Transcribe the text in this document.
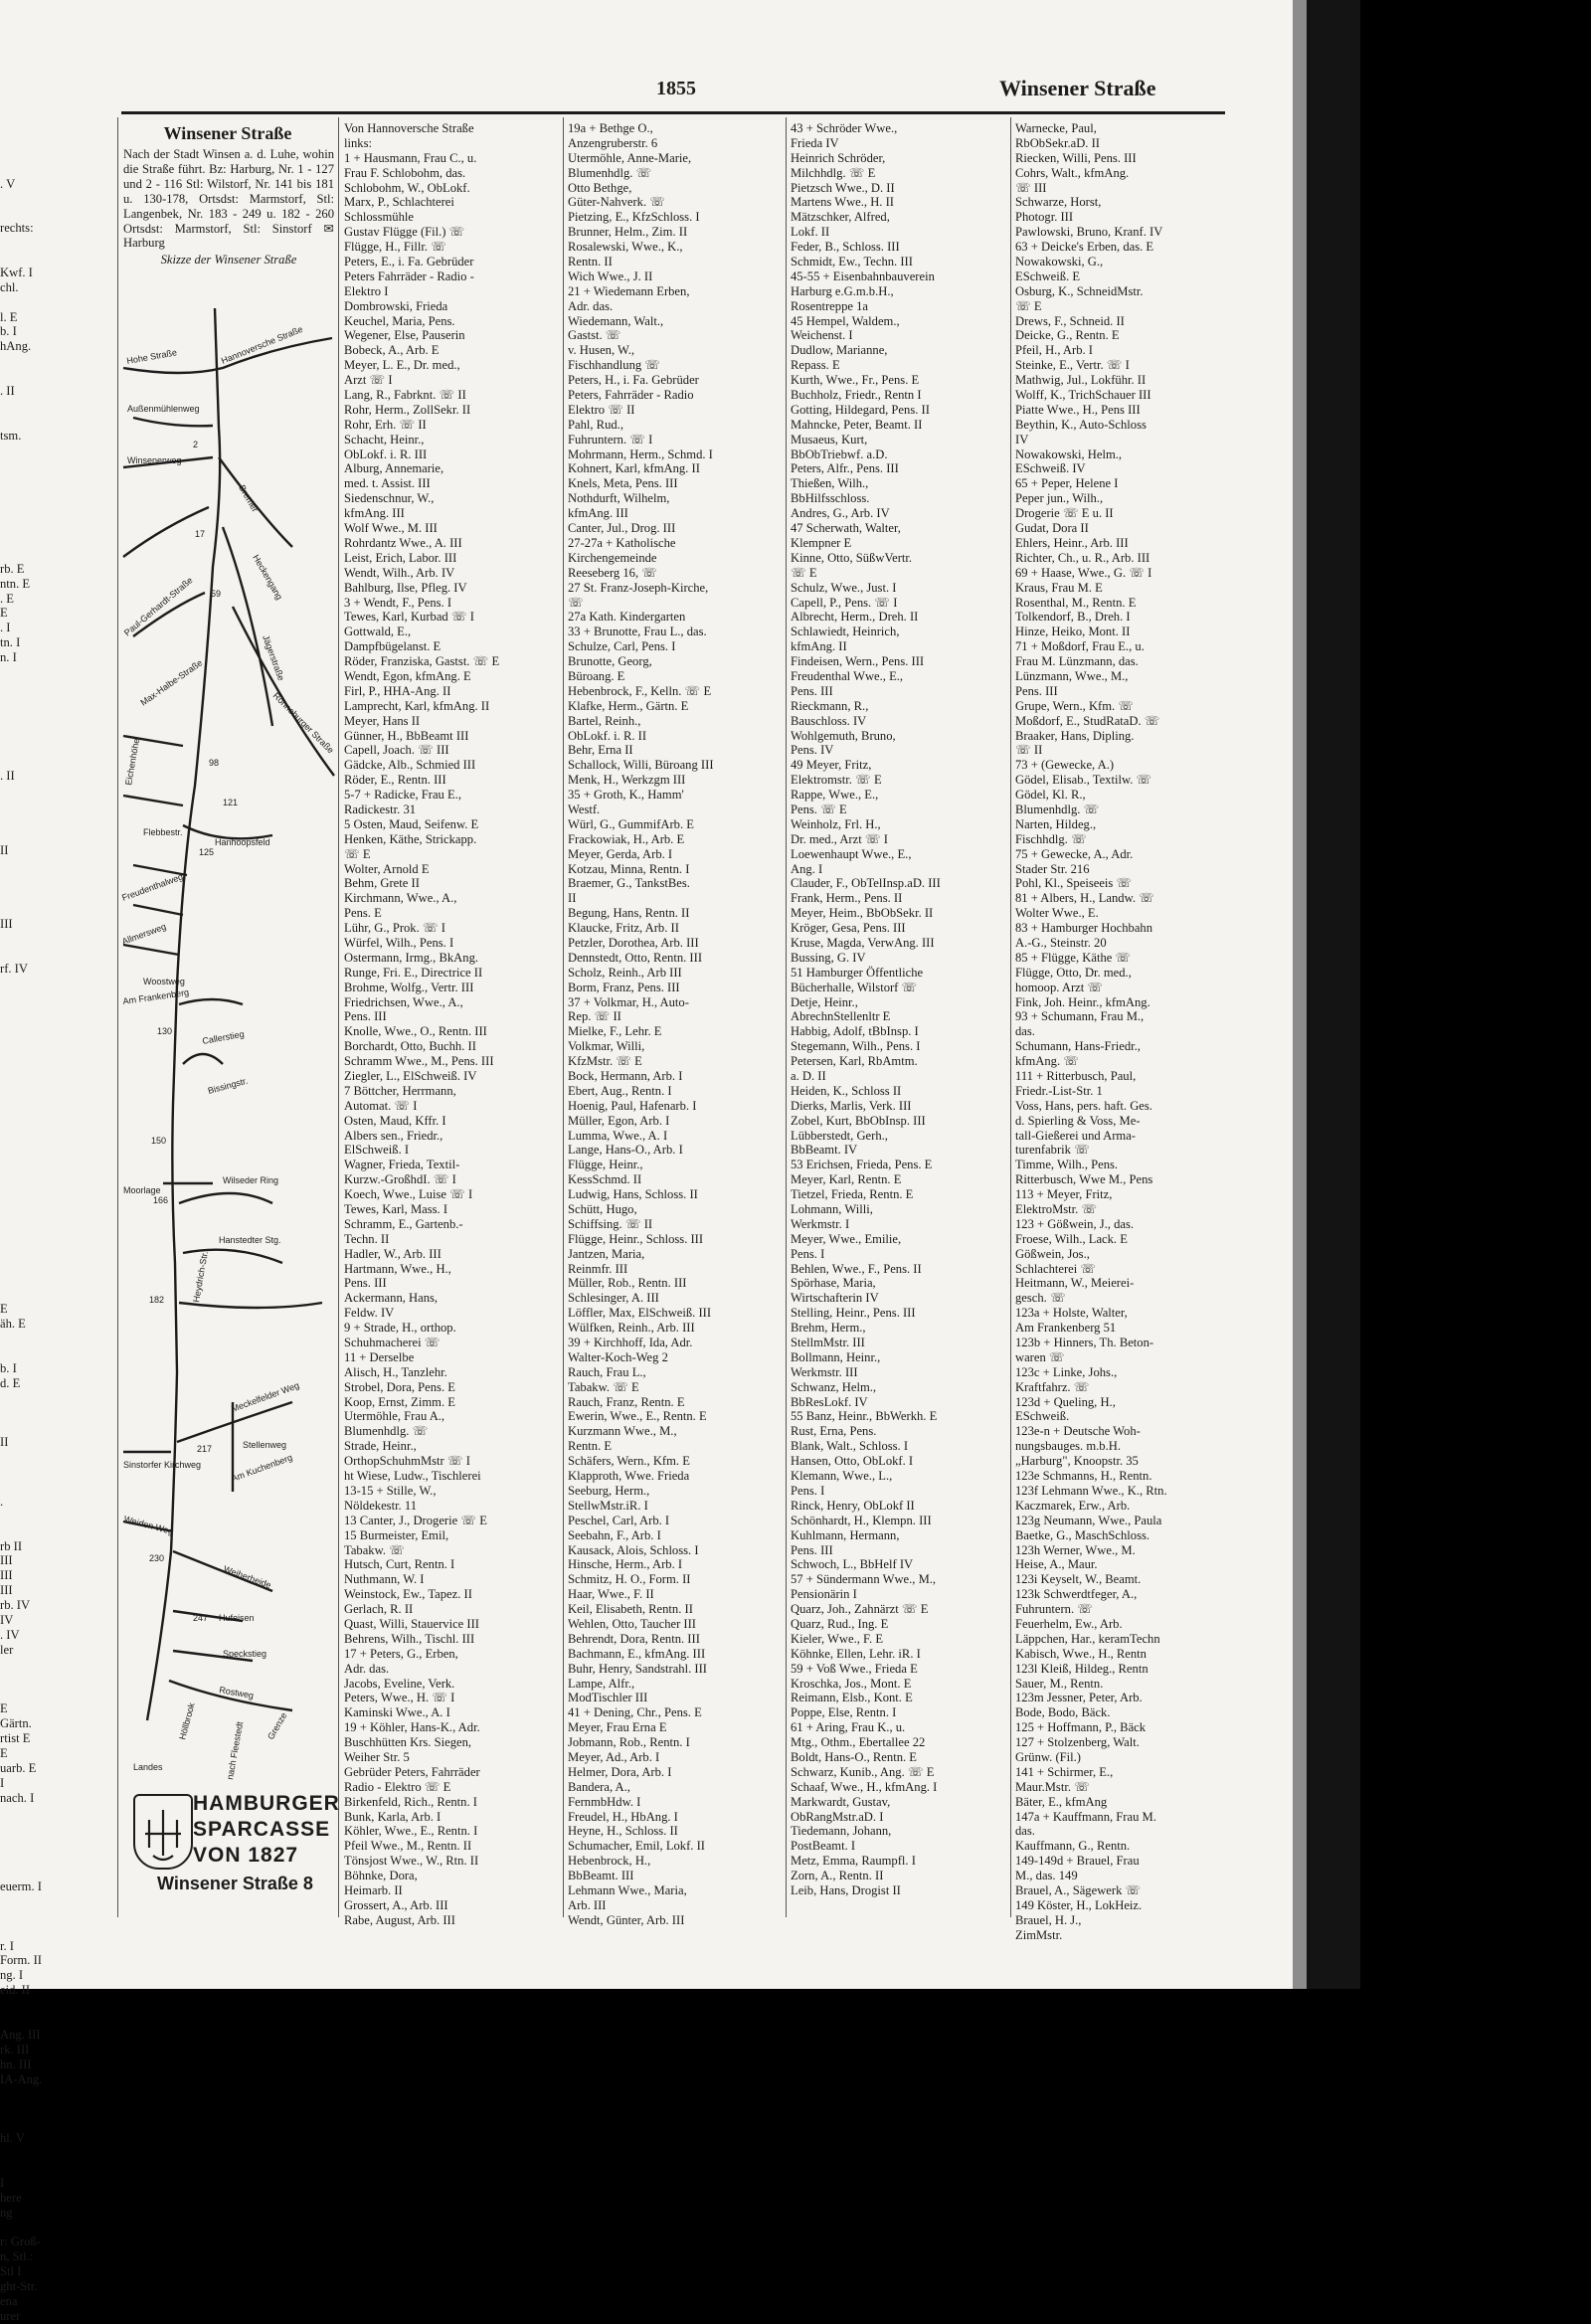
1855	Winsener Straße
. V
rechts:
Kwf. I
chl.
l. E
b. I
hAng.
. II
tsm.
rb. E
ntn. E
. E
E
. I
tn. I
n. I
. II
II
III
rf. IV
E
äh. E
b. I
d. E
II
.
rb II
III
III
III
rb. IV
IV
. IV
ler
E
Gärtn.
rtist E
E
uarb. E
I
nach. I
euerm. I
r. I
Form. II
ng. I
eid. II
Ang. III
rk. III
hn. III
IA-Ang.
hl. V
I
here
ng
r: Groß-
n, Stl.:
Stl I
ght-Str.
ena
urer
Winsener Straße
Nach der Stadt Winsen a. d. Luhe, wohin die Straße führt. Bz: Harburg, Nr. 1 - 127 und 2 - 116 Stl: Wilstorf, Nr. 141 bis 181 u. 130-178, Ortsdst: Marmstorf, Stl: Langenbek, Nr. 183 - 249 u. 182 - 260 Ortsdst: Marmstorf, Stl: Sinstorf ✉ Harburg
Skizze der Winsener Straße
Hohe Straße
Außenmühlenweg
Hannoversche Straße
Winsenerweg
Bremer
Paul-Gerhardt-Straße
Max-Halbe-Straße
Heckengang
Jägerstraße
Rönneburger Straße
Eichenhöhe
Flebbestr.
Hanhoopsfeld
Freudenthalweg
Allmersweg
Woostweg
Am Frankenberg
Callerstieg
Bissingstr.
Moorlage
Wilseder Ring
Hanstedter Stg.
Heydrich-Str.
Sinstorfer Kirchweg
Meckelfelder Weg
Stellenweg
Am Kuchenberg
Weiden Weg
Weiherheide
Hufeisen
Speckstieg
Rostweg
Höllbrook	Grenze
Landes	nach Fleestedt
2
17
59
98
121
125
130
150
166
182
217
230
247
HAMBURGER
SPARCASSE
VON 1827
Winsener Straße 8
Von Hannoversche Straße
links:
1 + Hausmann, Frau C., u.
Frau F. Schlobohm, das.
Schlobohm, W., ObLokf.
Marx, P., Schlachterei
Schlossmühle
Gustav Flügge (Fil.) ☏
Flügge, H., Fillr. ☏
Peters, E., i. Fa. Gebrüder
Peters Fahrräder - Radio -
Elektro I
Dombrowski, Frieda
Keuchel, Maria, Pens.
Wegener, Else, Pauserin
Bobeck, A., Arb. E
Meyer, L. E., Dr. med.,
Arzt ☏ I
Lang, R., Fabrknt. ☏ II
Rohr, Herm., ZollSekr. II
Rohr, Erh. ☏ II
Schacht, Heinr.,
ObLokf. i. R. III
Alburg, Annemarie,
med. t. Assist. III
Siedenschnur, W.,
kfmAng. III
Wolf Wwe., M. III
Rohrdantz Wwe., A. III
Leist, Erich, Labor. III
Wendt, Wilh., Arb. IV
Bahlburg, Ilse, Pfleg. IV
3 + Wendt, F., Pens. I
Tewes, Karl, Kurbad ☏ I
Gottwald, E.,
Dampfbügelanst. E
Röder, Franziska, Gastst. ☏ E
Wendt, Egon, kfmAng. E
Firl, P., HHA-Ang. II
Lamprecht, Karl, kfmAng. II
Meyer, Hans II
Günner, H., BbBeamt III
Capell, Joach. ☏ III
Gädcke, Alb., Schmied III
Röder, E., Rentn. III
5-7 + Radicke, Frau E.,
Radickestr. 31
5 Osten, Maud, Seifenw. E
Henken, Käthe, Strickapp.
☏ E
Wolter, Arnold E
Behm, Grete II
Kirchmann, Wwe., A.,
Pens. E
Lühr, G., Prok. ☏ I
Würfel, Wilh., Pens. I
Ostermann, Irmg., BkAng.
Runge, Fri. E., Directrice II
Brohme, Wolfg., Vertr. III
Friedrichsen, Wwe., A.,
Pens. III
Knolle, Wwe., O., Rentn. III
Borchardt, Otto, Buchh. II
Schramm Wwe., M., Pens. III
Ziegler, L., ElSchweiß. IV
7 Böttcher, Herrmann,
Automat. ☏ I
Osten, Maud, Kffr. I
Albers sen., Friedr.,
ElSchweiß. I
Wagner, Frieda, Textil-
Kurzw.-GroßhdI. ☏ I
Koech, Wwe., Luise ☏ I
Tewes, Karl, Mass. I
Schramm, E., Gartenb.-
Techn. II
Hadler, W., Arb. III
Hartmann, Wwe., H.,
Pens. III
Ackermann, Hans,
Feldw. IV
9 + Strade, H., orthop.
Schuhmacherei ☏
11 + Derselbe
Alisch, H., Tanzlehr.
Strobel, Dora, Pens. E
Koop, Ernst, Zimm. E
Utermöhle, Frau A.,
Blumenhdlg. ☏
Strade, Heinr.,
OrthopSchuhmMstr ☏ I
ht Wiese, Ludw., Tischlerei
13-15 + Stille, W.,
Nöldekestr. 11
13 Canter, J., Drogerie ☏ E
15 Burmeister, Emil,
Tabakw. ☏
Hutsch, Curt, Rentn. I
Nuthmann, W. I
Weinstock, Ew., Tapez. II
Gerlach, R. II
Quast, Willi, Stauervice III
Behrens, Wilh., Tischl. III
17 + Peters, G., Erben,
Adr. das.
Jacobs, Eveline, Verk.
Peters, Wwe., H. ☏ I
Kaminski Wwe., A. I
19 + Köhler, Hans-K., Adr.
Buschhütten Krs. Siegen,
Weiher Str. 5
Gebrüder Peters, Fahrräder
Radio - Elektro ☏ E
Birkenfeld, Rich., Rentn. I
Bunk, Karla, Arb. I
Köhler, Wwe., E., Rentn. I
Pfeil Wwe., M., Rentn. II
Tönsjost Wwe., W., Rtn. II
Böhnke, Dora,
Heimarb. II
Grossert, A., Arb. III
Rabe, August, Arb. III
19a + Bethge O.,
Anzengruberstr. 6
Utermöhle, Anne-Marie,
Blumenhdlg. ☏
Otto Bethge,
Güter-Nahverk. ☏
Pietzing, E., KfzSchloss. I
Brunner, Helm., Zim. II
Rosalewski, Wwe., K.,
Rentn. II
Wich Wwe., J. II
21 + Wiedemann Erben,
Adr. das.
Wiedemann, Walt.,
Gastst. ☏
v. Husen, W.,
Fischhandlung ☏
Peters, H., i. Fa. Gebrüder
Peters, Fahrräder - Radio
Elektro ☏ II
Pahl, Rud.,
Fuhruntern. ☏ I
Mohrmann, Herm., Schmd. I
Kohnert, Karl, kfmAng. II
Knels, Meta, Pens. III
Nothdurft, Wilhelm,
kfmAng. III
Canter, Jul., Drog. III
27-27a + Katholische
Kirchengemeinde
Reeseberg 16, ☏
27 St. Franz-Joseph-Kirche,
☏
27a Kath. Kindergarten
33 + Brunotte, Frau L., das.
Schulze, Carl, Pens. I
Brunotte, Georg,
Büroang. E
Hebenbrock, F., Kelln. ☏ E
Klafke, Herm., Gärtn. E
Bartel, Reinh.,
ObLokf. i. R. II
Behr, Erna II
Schallock, Willi, Büroang III
Menk, H., Werkzgm III
35 + Groth, K., Hamm'
Westf.
Würl, G., GummifArb. E
Frackowiak, H., Arb. E
Meyer, Gerda, Arb. I
Kotzau, Minna, Rentn. I
Braemer, G., TankstBes.
II
Begung, Hans, Rentn. II
Klaucke, Fritz, Arb. II
Petzler, Dorothea, Arb. III
Dennstedt, Otto, Rentn. III
Scholz, Reinh., Arb III
Borm, Franz, Pens. III
37 + Volkmar, H., Auto-
Rep. ☏ II
Mielke, F., Lehr. E
Volkmar, Willi,
KfzMstr. ☏ E
Bock, Hermann, Arb. I
Ebert, Aug., Rentn. I
Hoenig, Paul, Hafenarb. I
Müller, Egon, Arb. I
Lumma, Wwe., A. I
Lange, Hans-O., Arb. I
Flügge, Heinr.,
KessSchmd. II
Ludwig, Hans, Schloss. II
Schütt, Hugo,
Schiffsing. ☏ II
Flügge, Heinr., Schloss. III
Jantzen, Maria,
Reinmfr. III
Müller, Rob., Rentn. III
Schlesinger, A. III
Löffler, Max, ElSchweiß. III
Wülfken, Reinh., Arb. III
39 + Kirchhoff, Ida, Adr.
Walter-Koch-Weg 2
Rauch, Frau L.,
Tabakw. ☏ E
Rauch, Franz, Rentn. E
Ewerin, Wwe., E., Rentn. E
Kurzmann Wwe., M.,
Rentn. E
Schäfers, Wern., Kfm. E
Klapproth, Wwe. Frieda
Seeburg, Herm.,
StellwMstr.iR. I
Peschel, Carl, Arb. I
Seebahn, F., Arb. I
Kausack, Alois, Schloss. I
Hinsche, Herm., Arb. I
Schmitz, H. O., Form. II
Haar, Wwe., F. II
Keil, Elisabeth, Rentn. II
Wehlen, Otto, Taucher III
Behrendt, Dora, Rentn. III
Bachmann, E., kfmAng. III
Buhr, Henry, Sandstrahl. III
Lampe, Alfr.,
ModTischler III
41 + Dening, Chr., Pens. E
Meyer, Frau Erna E
Jobmann, Rob., Rentn. I
Meyer, Ad., Arb. I
Helmer, Dora, Arb. I
Bandera, A.,
FernmbHdw. I
Freudel, H., HbAng. I
Heyne, H., Schloss. II
Schumacher, Emil, Lokf. II
Hebenbrock, H.,
BbBeamt. III
Lehmann Wwe., Maria,
Arb. III
Wendt, Günter, Arb. III
43 + Schröder Wwe.,
Frieda IV
Heinrich Schröder,
Milchhdlg. ☏ E
Pietzsch Wwe., D. II
Martens Wwe., H. II
Mätzschker, Alfred,
Lokf. II
Feder, B., Schloss. III
Schmidt, Ew., Techn. III
45-55 + Eisenbahnbauverein
Harburg e.G.m.b.H.,
Rosentreppe 1a
45 Hempel, Waldem.,
Weichenst. I
Dudlow, Marianne,
Repass. E
Kurth, Wwe., Fr., Pens. E
Buchholz, Friedr., Rentn I
Gotting, Hildegard, Pens. II
Mahncke, Peter, Beamt. II
Musaeus, Kurt,
BbObTriebwf. a.D.
Peters, Alfr., Pens. III
Thießen, Wilh.,
BbHilfsschloss.
Andres, G., Arb. IV
47 Scherwath, Walter,
Klempner E
Kinne, Otto, SüßwVertr.
☏ E
Schulz, Wwe., Just. I
Capell, P., Pens. ☏ I
Albrecht, Herm., Dreh. II
Schlawiedt, Heinrich,
kfmAng. II
Findeisen, Wern., Pens. III
Freudenthal Wwe., E.,
Pens. III
Rieckmann, R.,
Bauschloss. IV
Wohlgemuth, Bruno,
Pens. IV
49 Meyer, Fritz,
Elektromstr. ☏ E
Rappe, Wwe., E.,
Pens. ☏ E
Weinholz, Frl. H.,
Dr. med., Arzt ☏ I
Loewenhaupt Wwe., E.,
Ang. I
Clauder, F., ObTelInsp.aD. III
Frank, Herm., Pens. II
Meyer, Heim., BbObSekr. II
Kröger, Gesa, Pens. III
Kruse, Magda, VerwAng. III
Bussing, G. IV
51 Hamburger Öffentliche
Bücherhalle, Wilstorf ☏
Detje, Heinr.,
AbrechnStellenltr E
Habbig, Adolf, tBbInsp. I
Stegemann, Wilh., Pens. I
Petersen, Karl, RbAmtm.
a. D. II
Heiden, K., Schloss II
Dierks, Marlis, Verk. III
Zobel, Kurt, BbObInsp. III
Lübberstedt, Gerh.,
BbBeamt. IV
53 Erichsen, Frieda, Pens. E
Meyer, Karl, Rentn. E
Tietzel, Frieda, Rentn. E
Lohmann, Willi,
Werkmstr. I
Meyer, Wwe., Emilie,
Pens. I
Behlen, Wwe., F., Pens. II
Spörhase, Maria,
Wirtschafterin IV
Stelling, Heinr., Pens. III
Brehm, Herm.,
StellmMstr. III
Bollmann, Heinr.,
Werkmstr. III
Schwanz, Helm.,
BbResLokf. IV
55 Banz, Heinr., BbWerkh. E
Rust, Erna, Pens.
Blank, Walt., Schloss. I
Hansen, Otto, ObLokf. I
Klemann, Wwe., L.,
Pens. I
Rinck, Henry, ObLokf II
Schönhardt, H., Klempn. III
Kuhlmann, Hermann,
Pens. III
Schwoch, L., BbHelf IV
57 + Sündermann Wwe., M.,
Pensionärin I
Quarz, Joh., Zahnärzt ☏ E
Quarz, Rud., Ing. E
Kieler, Wwe., F. E
Köhnke, Ellen, Lehr. iR. I
59 + Voß Wwe., Frieda E
Kroschka, Jos., Mont. E
Reimann, Elsb., Kont. E
Poppe, Else, Rentn. I
61 + Aring, Frau K., u.
Mtg., Othm., Ebertallee 22
Boldt, Hans-O., Rentn. E
Schwarz, Kunib., Ang. ☏ E
Schaaf, Wwe., H., kfmAng. I
Markwardt, Gustav,
ObRangMstr.aD. I
Tiedemann, Johann,
PostBeamt. I
Metz, Emma, Raumpfl. I
Zorn, A., Rentn. II
Leib, Hans, Drogist II
Warnecke, Paul,
RbObSekr.aD. II
Riecken, Willi, Pens. III
Cohrs, Walt., kfmAng.
☏ III
Schwarze, Horst,
Photogr. III
Pawlowski, Bruno, Kranf. IV
63 + Deicke's Erben, das. E
Nowakowski, G.,
ESchweiß. E
Osburg, K., SchneidMstr.
☏ E
Drews, F., Schneid. II
Deicke, G., Rentn. E
Pfeil, H., Arb. I
Steinke, E., Vertr. ☏ I
Mathwig, Jul., Lokführ. II
Wolff, K., TrichSchauer III
Piatte Wwe., H., Pens III
Beythin, K., Auto-Schloss
IV
Nowakowski, Helm.,
ESchweiß. IV
65 + Peper, Helene I
Peper jun., Wilh.,
Drogerie ☏ E u. II
Gudat, Dora II
Ehlers, Heinr., Arb. III
Richter, Ch., u. R., Arb. III
69 + Haase, Wwe., G. ☏ I
Kraus, Frau M. E
Rosenthal, M., Rentn. E
Tolkendorf, B., Dreh. I
Hinze, Heiko, Mont. II
71 + Moßdorf, Frau E., u.
Frau M. Lünzmann, das.
Lünzmann, Wwe., M.,
Pens. III
Grupe, Wern., Kfm. ☏
Moßdorf, E., StudRataD. ☏
Braaker, Hans, Dipling.
☏ II
73 + (Gewecke, A.)
Gödel, Elisab., Textilw. ☏
Gödel, Kl. R.,
Blumenhdlg. ☏
Narten, Hildeg.,
Fischhdlg. ☏
75 + Gewecke, A., Adr.
Stader Str. 216
Pohl, Kl., Speiseeis ☏
81 + Albers, H., Landw. ☏
Wolter Wwe., E.
83 + Hamburger Hochbahn
A.-G., Steinstr. 20
85 + Flügge, Käthe ☏
Flügge, Otto, Dr. med.,
homoop. Arzt ☏
Fink, Joh. Heinr., kfmAng.
93 + Schumann, Frau M.,
das.
Schumann, Hans-Friedr.,
kfmAng. ☏
111 + Ritterbusch, Paul,
Friedr.-List-Str. 1
Voss, Hans, pers. haft. Ges.
d. Spierling & Voss, Me-
tall-Gießerei und Arma-
turenfabrik ☏
Timme, Wilh., Pens.
Ritterbusch, Wwe M., Pens
113 + Meyer, Fritz,
ElektroMstr. ☏
123 + Gößwein, J., das.
Froese, Wilh., Lack. E
Gößwein, Jos.,
Schlachterei ☏
Heitmann, W., Meierei-
gesch. ☏
123a + Holste, Walter,
Am Frankenberg 51
123b + Hinners, Th. Beton-
waren ☏
123c + Linke, Johs.,
Kraftfahrz. ☏
123d + Queling, H.,
ESchweiß.
123e-n + Deutsche Woh-
nungsbauges. m.b.H.
„Harburg", Knoopstr. 35
123e Schmanns, H., Rentn.
123f Lehmann Wwe., K., Rtn.
Kaczmarek, Erw., Arb.
123g Neumann, Wwe., Paula
Baetke, G., MaschSchloss.
123h Werner, Wwe., M.
Heise, A., Maur.
123i Keyselt, W., Beamt.
123k Schwerdtfeger, A.,
Fuhruntern. ☏
Feuerhelm, Ew., Arb.
Läppchen, Har., keramTechn
Kabisch, Wwe., H., Rentn
123l Kleiß, Hildeg., Rentn
Sauer, M., Rentn.
123m Jessner, Peter, Arb.
Bode, Bodo, Bäck.
125 + Hoffmann, P., Bäck
127 + Stolzenberg, Walt.
Grünw. (Fil.)
141 + Schirmer, E.,
Maur.Mstr. ☏
Bäter, E., kfmAng
147a + Kauffmann, Frau M.
das.
Kauffmann, G., Rentn.
149-149d + Brauel, Frau
M., das. 149
Brauel, A., Sägewerk ☏
149 Köster, H., LokHeiz.
Brauel, H. J.,
ZimMstr.
